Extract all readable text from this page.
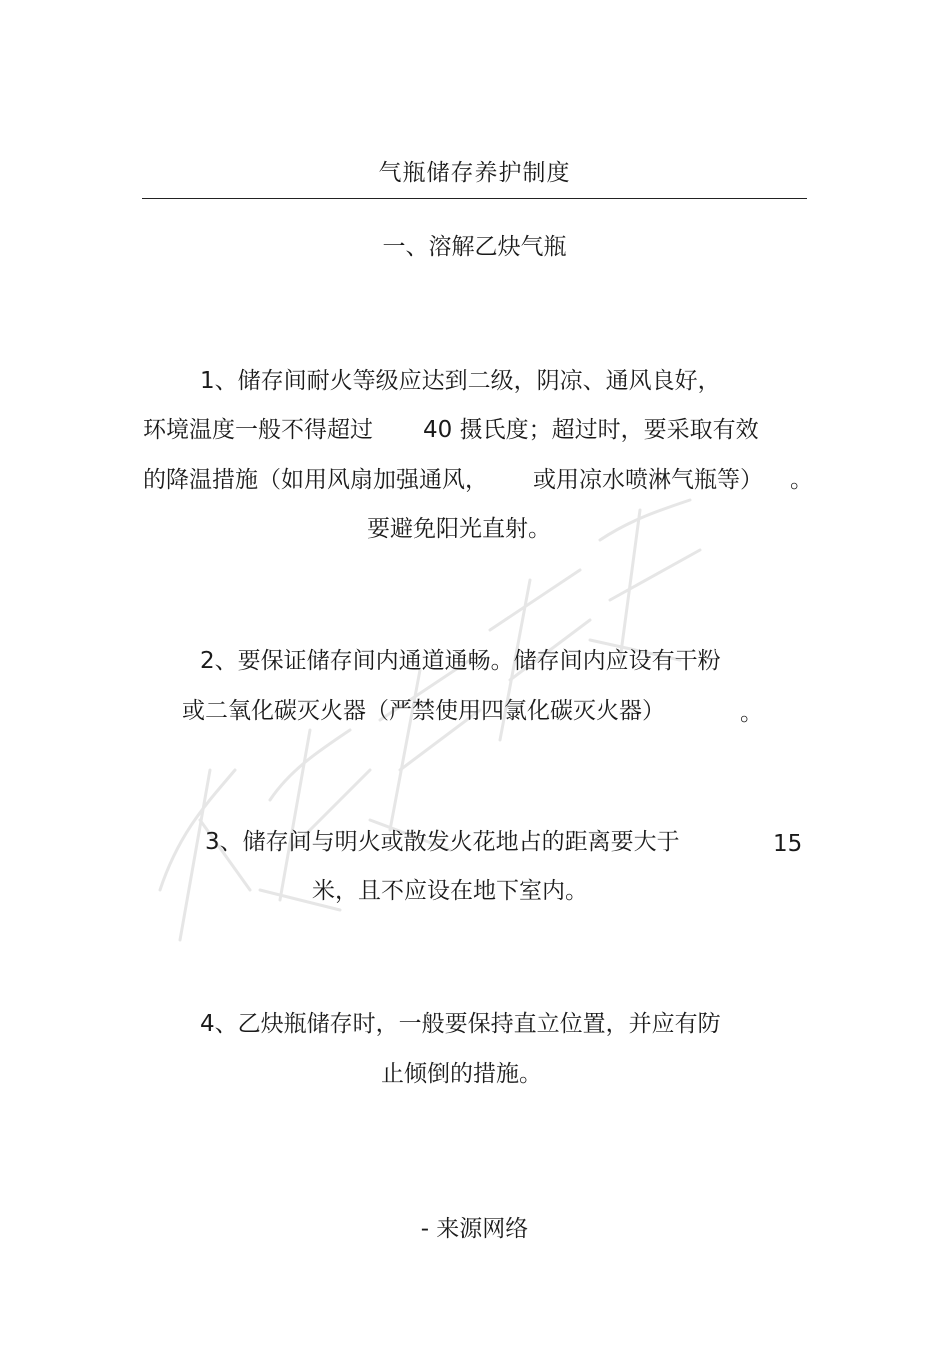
气瓶储存养护制度
一、溶解乙炔气瓶
1、储存间耐火等级应达到二级，阴凉、通风良好，
环境温度一般不得超过 40 摄氏度；超过时，要采取有效
的降温措施（如用风扇加强通风， 或用凉水喷淋气瓶等） 。
要避免阳光直射。
2、要保证储存间内通道通畅。储存间内应设有干粉
或二氧化碳灭火器（严禁使用四氯化碳灭火器）	。
3、储存间与明火或散发火花地占的距离要大于	15
米，且不应设在地下室内。
4、乙炔瓶储存时，一般要保持直立位置，并应有防
止倾倒的措施。
- 来源网络
